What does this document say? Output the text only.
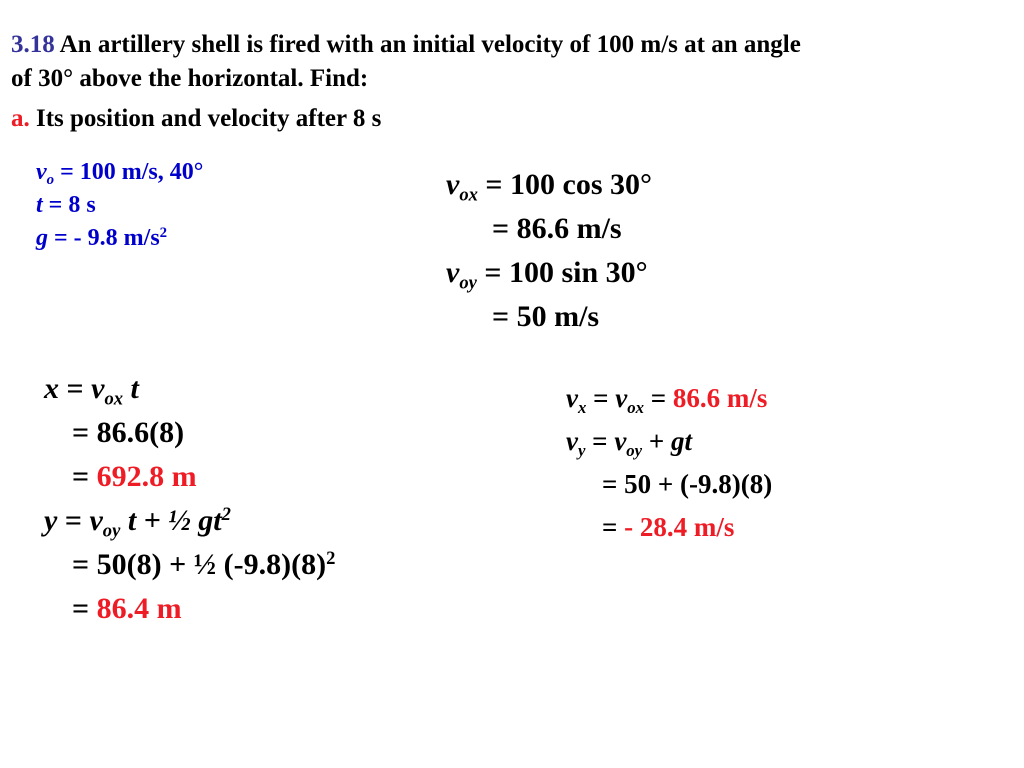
3.18 An artillery shell is fired with an initial velocity of 100 m/s at an angle
of 30° above the horizontal. Find:
a. Its position and velocity after 8 s
$v_o = 100$ m/s, 40°
t = 8 s
g = - 9.8 $m/s^2$
$v_{ox} = 100$ cos 30°
= 86.6 m/s
$v_{oy} = 100$ sin 30°
= 50 m/s
$x = v_{ox}$ t
= 86.6(8)
= 692.8 m
$y = v_{oy}$ t + ½ $gt^2$
= 50(8) + ½ $(-9.8)(8)^2$
= 86.4 m
$v_x = v_{ox} = 86.6$ m/s
$v_y = v_{oy}$ + gt
= 50 + (-9.8)(8)
= - 28.4 m/s
